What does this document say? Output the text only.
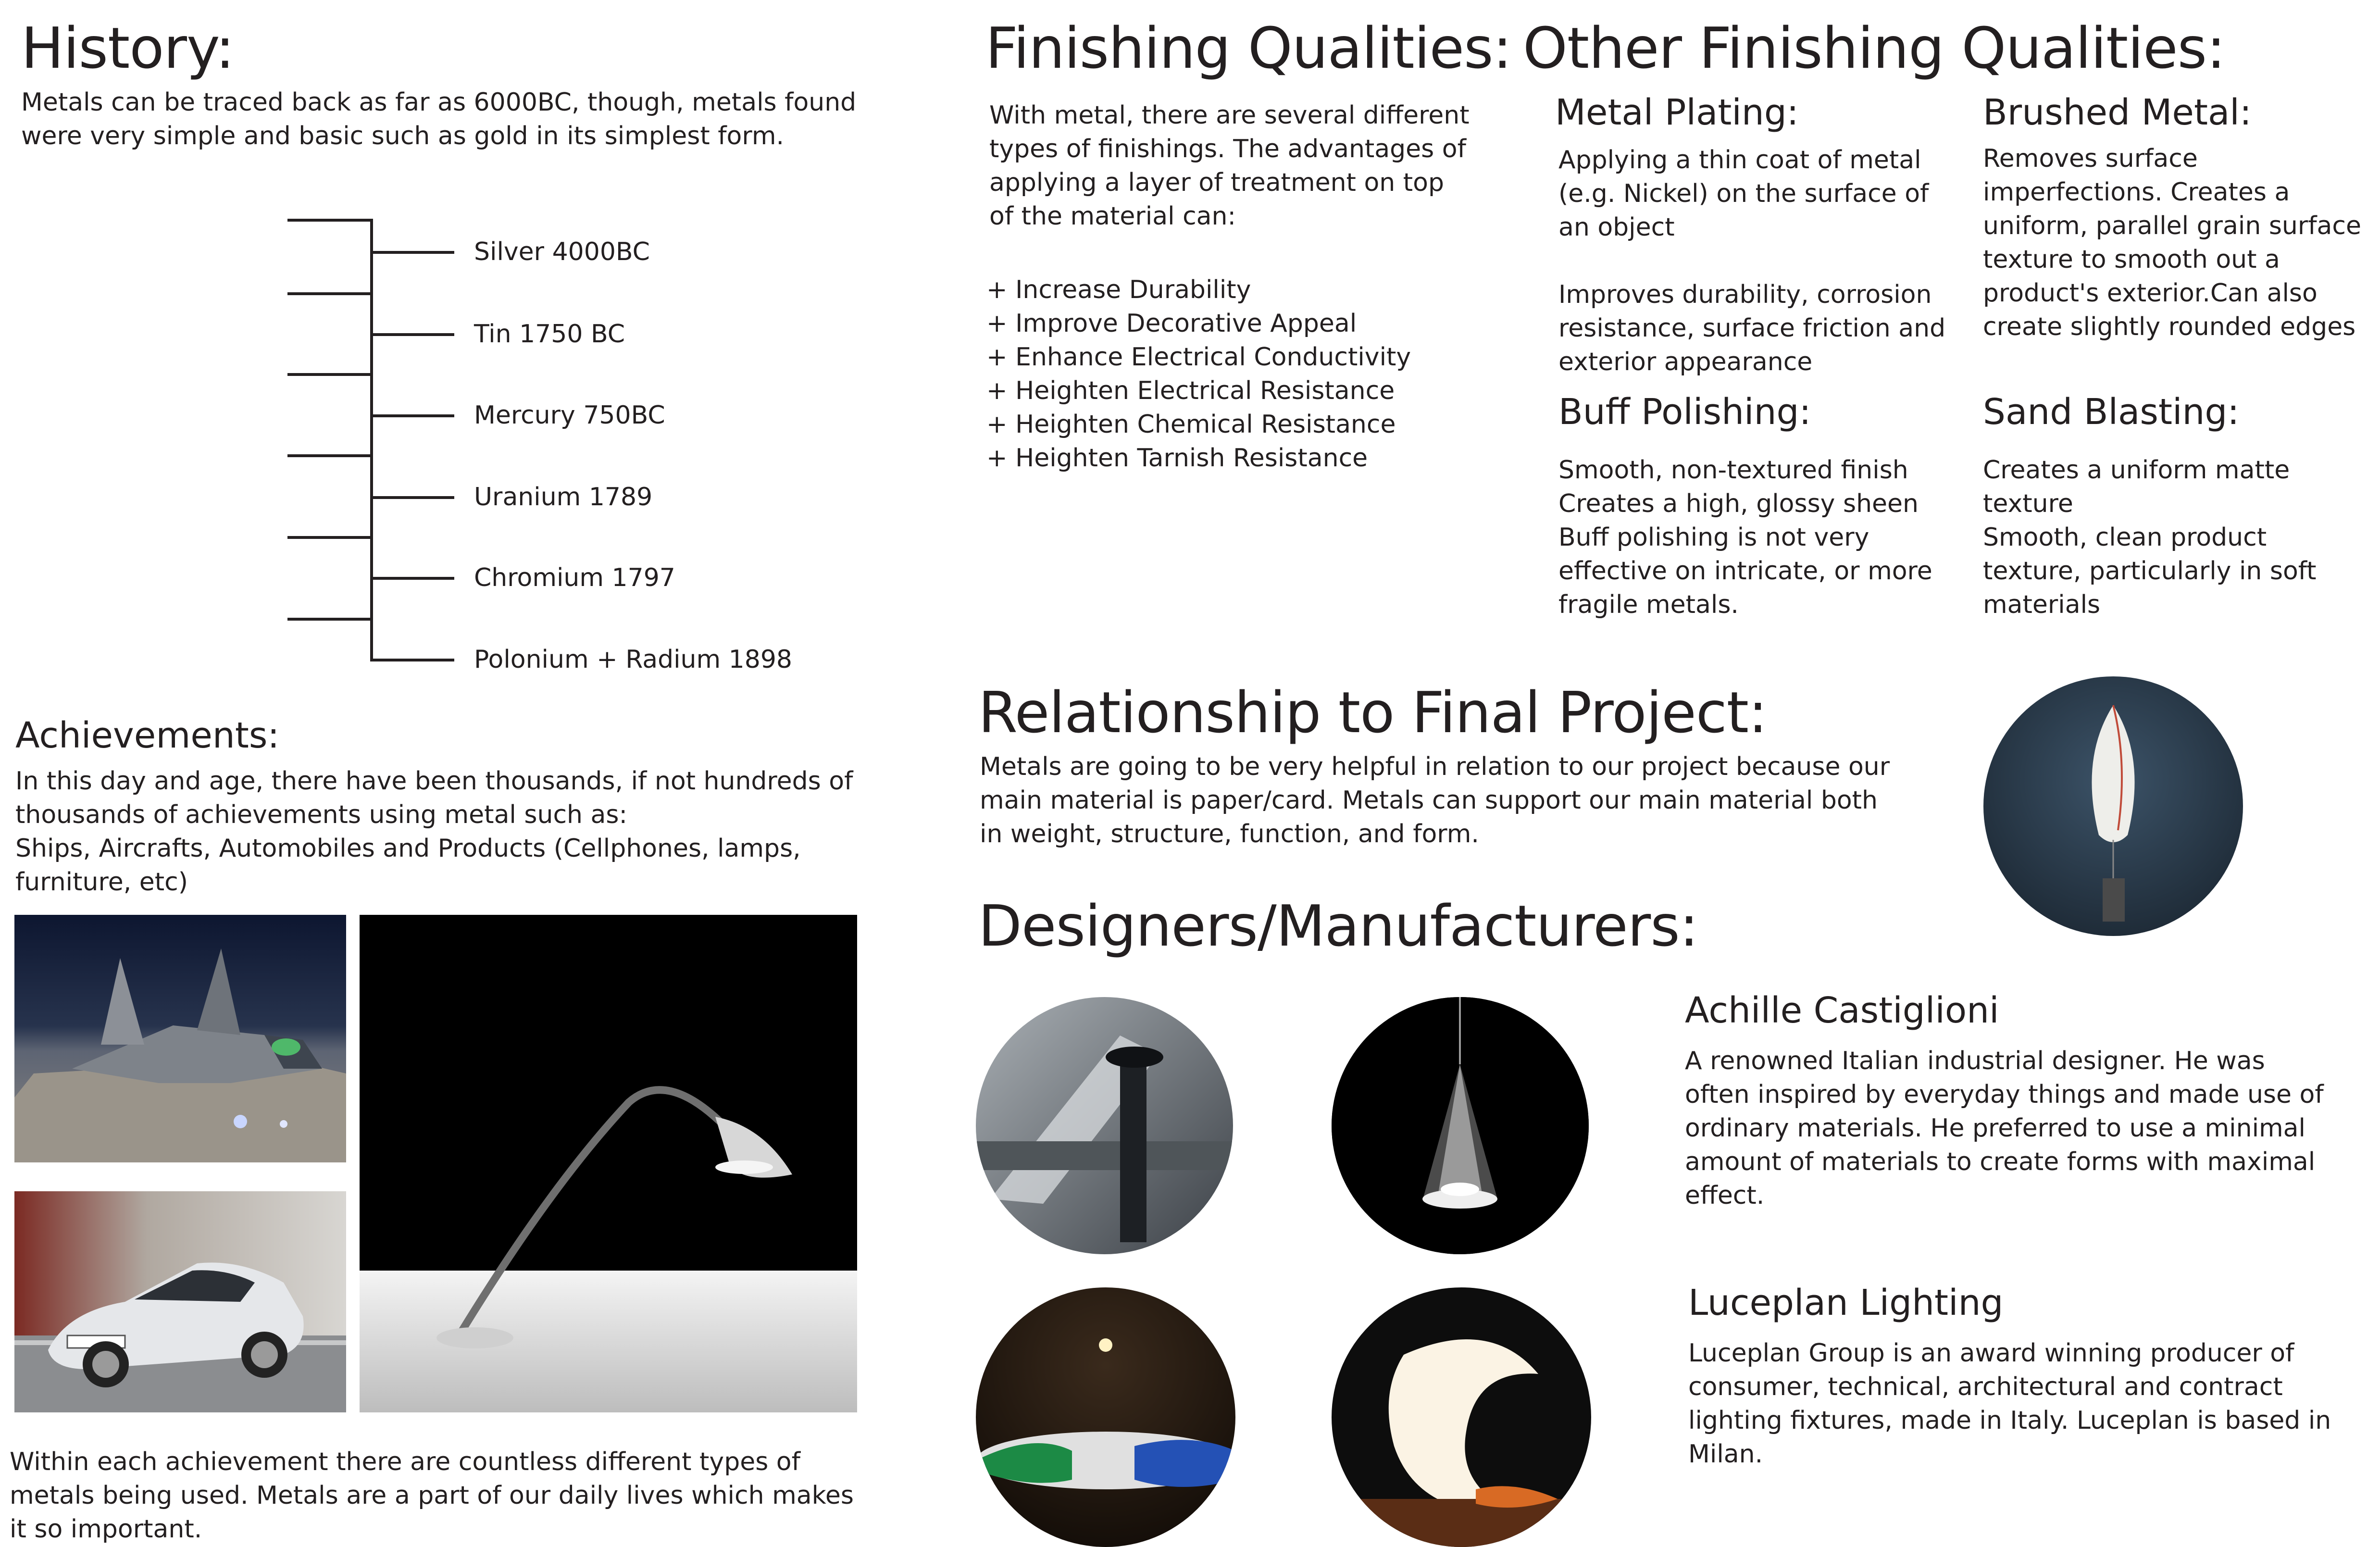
History:

Metals can be traced back as far as 6000BC, though, metals found were very simple and basic such as gold in its simplest form.

Silver 4000BC
Tin 1750 BC
Mercury 750BC
Uranium 1789
Chromium 1797
Polonium + Radium 1898
Achievements:

In this day and age, there have been thousands, if not hundreds of thousands of achievements using metal such as:

Ships, Aircrafts, Automobiles and Products (Cellphones, lamps, furniture, etc)

Within each achievement there are countless different types of metals being used. Metals are a part of our daily lives which makes it so important.

Finishing Qualities:

With metal, there are several different types of finishings. The advantages of applying a layer of treatment on top of the material can:

+ Increase Durability
+ Improve Decorative Appeal
+ Enhance Electrical Conductivity
+ Heighten Electrical Resistance
+ Heighten Chemical Resistance
+ Heighten Tarnish Resistance
Other Finishing Qualities:
Metal Plating:

Applying a thin coat of metal (e.g. Nickel) on the surface of an object

Improves durability, corrosion resistance, surface friction and exterior appearance

Brushed Metal:

Removes surface imperfections. Creates a uniform, parallel grain surface texture to smooth out a product's exterior.Can also create slightly rounded edges

Buff Polishing:

Smooth, non-textured finish

Creates a high, glossy sheen

Buff polishing is not very effective on intricate, or more fragile metals.

Sand Blasting:

Creates a uniform matte texture

Smooth, clean product texture, particularly in soft materials

Relationship to Final Project:

Metals are going to be very helpful in relation to our project because our main material is paper/card. Metals can support our main material both in weight, structure, function, and form.

Designers/Manufacturers:
Achille Castiglioni

A renowned Italian industrial designer. He was often inspired by everyday things and made use of ordinary materials. He preferred to use a minimal amount of materials to create forms with maximal effect.

Luceplan Lighting

Luceplan Group is an award winning producer of consumer, technical, architectural and contract lighting fixtures, made in Italy. Luceplan is based in Milan.
